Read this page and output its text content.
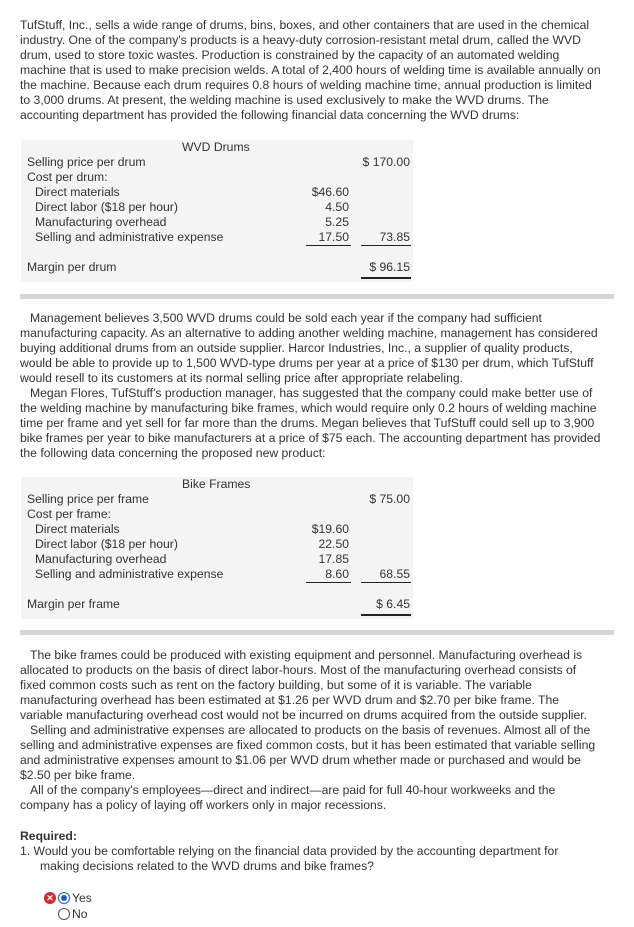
TufStuff, Inc., sells a wide range of drums, bins, boxes, and other containers that are used in the chemical
industry. One of the company's products is a heavy-duty corrosion-resistant metal drum, called the WVD
drum, used to store toxic wastes. Production is constrained by the capacity of an automated welding
machine that is used to make precision welds. A total of 2,400 hours of welding time is available annually on
the machine. Because each drum requires 0.8 hours of welding machine time, annual production is limited
to 3,000 drums. At present, the welding machine is used exclusively to make the WVD drums. The
accounting department has provided the following financial data concerning the WVD drums:
WVD Drums
Selling price per drum	$ 170.00
Cost per drum:
Direct materials	$46.60
Direct labor ($18 per hour)	4.50
Manufacturing overhead	5.25
Selling and administrative expense	17.50	73.85
Margin per drum	$ 96.15
Management believes 3,500 WVD drums could be sold each year if the company had sufficient
manufacturing capacity. As an alternative to adding another welding machine, management has considered
buying additional drums from an outside supplier. Harcor Industries, Inc., a supplier of quality products,
would be able to provide up to 1,500 WVD-type drums per year at a price of $130 per drum, which TufStuff
would resell to its customers at its normal selling price after appropriate relabeling.
Megan Flores, TufStuff's production manager, has suggested that the company could make better use of
the welding machine by manufacturing bike frames, which would require only 0.2 hours of welding machine
time per frame and yet sell for far more than the drums. Megan believes that TufStuff could sell up to 3,900
bike frames per year to bike manufacturers at a price of $75 each. The accounting department has provided
the following data concerning the proposed new product:
Bike Frames
Selling price per frame	$ 75.00
Cost per frame:
Direct materials	$19.60
Direct labor ($18 per hour)	22.50
Manufacturing overhead	17.85
Selling and administrative expense	8.60	68.55
Margin per frame	$ 6.45
The bike frames could be produced with existing equipment and personnel. Manufacturing overhead is
allocated to products on the basis of direct labor-hours. Most of the manufacturing overhead consists of
fixed common costs such as rent on the factory building, but some of it is variable. The variable
manufacturing overhead has been estimated at $1.26 per WVD drum and $2.70 per bike frame. The
variable manufacturing overhead cost would not be incurred on drums acquired from the outside supplier.
Selling and administrative expenses are allocated to products on the basis of revenues. Almost all of the
selling and administrative expenses are fixed common costs, but it has been estimated that variable selling
and administrative expenses amount to $1.06 per WVD drum whether made or purchased and would be
$2.50 per bike frame.
All of the company's employees—direct and indirect—are paid for full 40-hour workweeks and the
company has a policy of laying off workers only in major recessions.
Required:
1. Would you be comfortable relying on the financial data provided by the accounting department for
making decisions related to the WVD drums and bike frames?
✕ Yes
No
